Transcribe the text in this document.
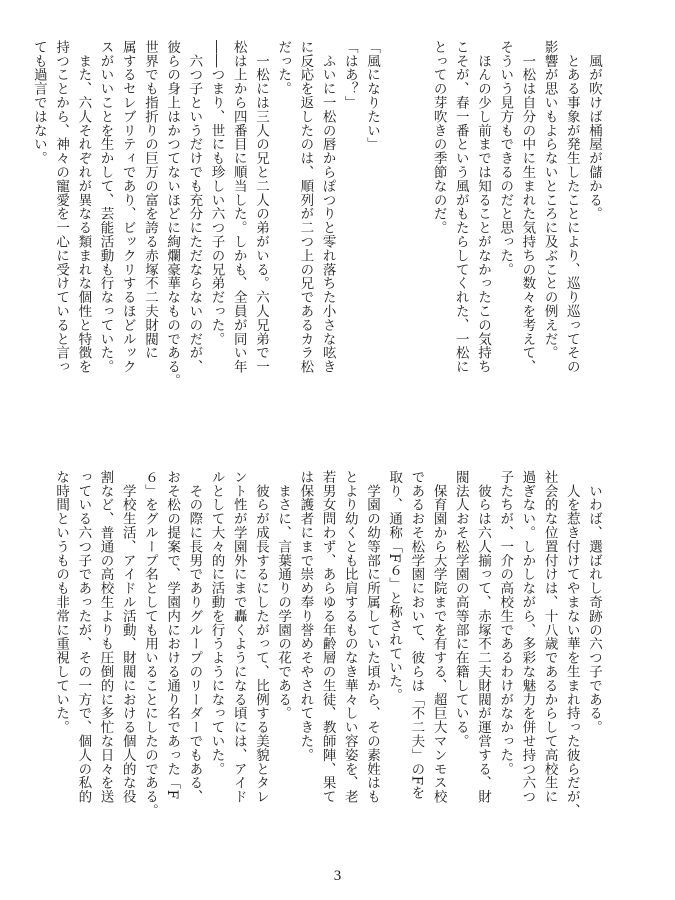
　風が吹けば桶屋が儲かる。

　とある事象が発生したことにより、巡り巡ってその

影響が思いもよらないところに及ぶことの例えだ。

　一松は自分の中に生まれた気持ちの数々を考えて、

そういう見方もできるのだと思った。

　ほんの少し前までは知ることがなかったこの気持ち

こそが、春一番という風がもたらしてくれた、一松に

とっての芽吹きの季節なのだ。

「風になりたい」

「はあ？」

　ふいに一松の唇からぽつりと零れ落ちた小さな呟き

に反応を返したのは、順列が二つ上の兄であるカラ松

だった。

　一松には三人の兄と二人の弟がいる。六人兄弟で一

松は上から四番目に順当した。しかも、全員が同い年

――つまり、世にも珍しい六つ子の兄弟だった。

　六つ子というだけでも充分にただならないのだが、

彼らの身上はかつてないほどに絢爛豪華なものである。

世界でも指折りの巨万の富を誇る赤塚不二夫財閥に

属するセレブリティであり、ビックリするほどルック

スがいいことを生かして、芸能活動も行なっていた。

　また、六人それぞれが異なる類まれな個性と特徴を

持つことから、神々の寵愛を一心に受けていると言っ

ても過言ではない。

　いわば、選ばれし奇跡の六つ子である。

　人を惹き付けてやまない華を生まれ持った彼らだが、

社会的な位置付けは、十八歳であるからして高校生に

過ぎない。しかしながら、多彩な魅力を併せ持つ六つ

子たちが、一介の高校生であるわけがなかった。

　彼らは六人揃って、赤塚不二夫財閥が運営する、財

閥法人おそ松学園の高等部に在籍している。

　保育園から大学院までを有する、超巨大マンモス校

であるおそ松学園において、彼らは「不二夫」のFを

取り、通称「F６」と称されていた。

　学園の幼等部に所属していた頃から、その素姓はも

とより幼くとも比肩するものなき華々しい容姿を、老

若男女問わず、あらゆる年齢層の生徒、教師陣、果て

は保護者にまで崇め奉り誉めそやされてきた。

　まさに、言葉通りの学園の花である。

　彼らが成長するにしたがって、比例する美貌とタレ

ント性が学園外にまで轟くようになる頃には、アイド

ルとして大々的に活動を行うようになっていた。

　その際に長男でありグループのリーダーでもある、

おそ松の提案で、学園内における通り名であった「F

６」をグループ名としても用いることにしたのである。

　学校生活、アイドル活動、財閥における個人的な役

割など、普通の高校生よりも圧倒的に多忙な日々を送

っている六つ子であったが、その一方で、個人の私的

な時間というものも非常に重視していた。

3
